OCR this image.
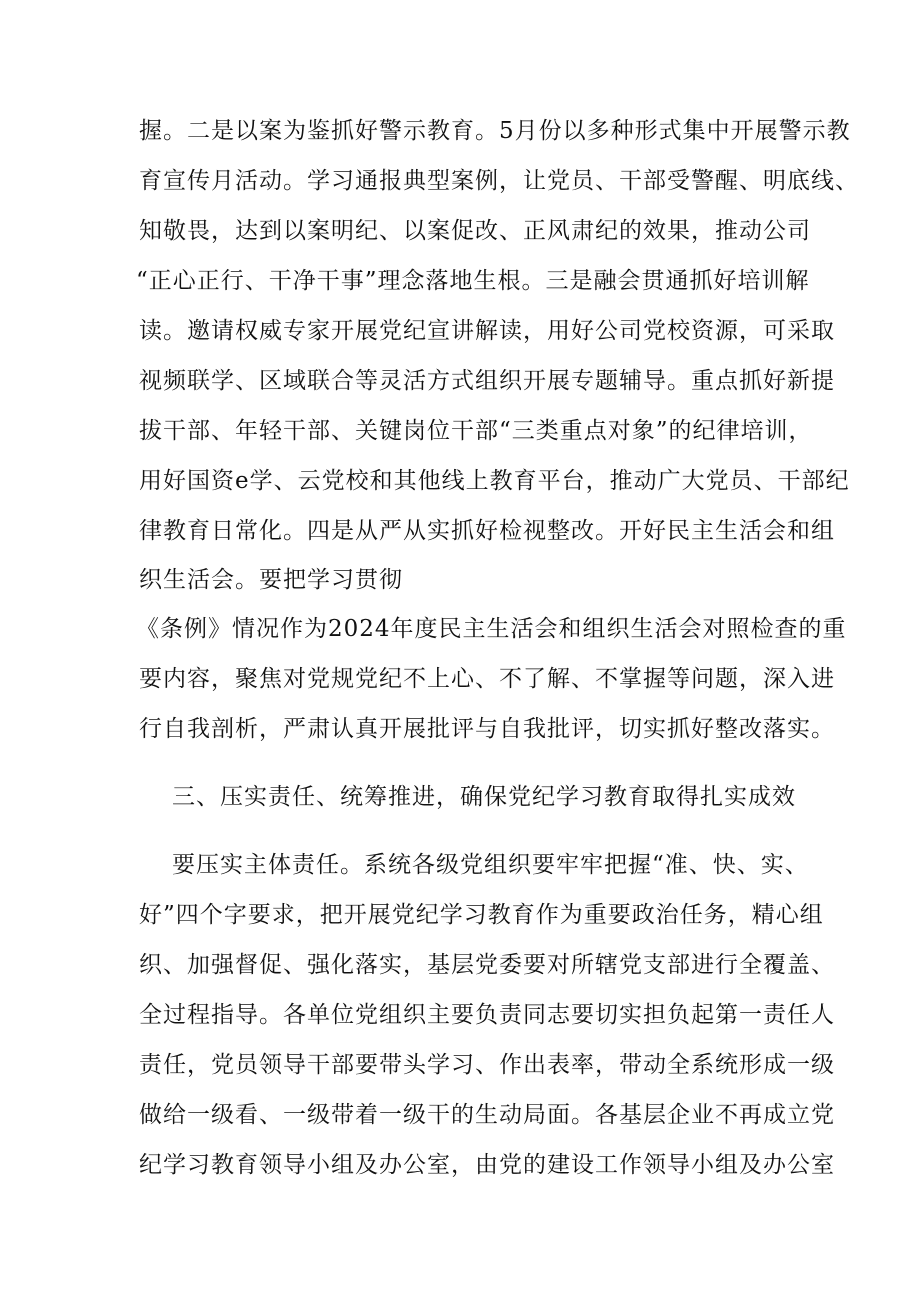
握。二是以案为鉴抓好警示教育。5月份以多种形式集中开展警示教
育宣传月活动。学习通报典型案例，让党员、干部受警醒、明底线、
知敬畏，达到以案明纪、以案促改、正风肃纪的效果，推动公司
“正心正行、干净干事”理念落地生根。三是融会贯通抓好培训解
读。邀请权威专家开展党纪宣讲解读，用好公司党校资源，可采取
视频联学、区域联合等灵活方式组织开展专题辅导。重点抓好新提
拔干部、年轻干部、关键岗位干部“三类重点对象”的纪律培训，
用好国资e学、云党校和其他线上教育平台，推动广大党员、干部纪
律教育日常化。四是从严从实抓好检视整改。开好民主生活会和组
织生活会。要把学习贯彻
《条例》情况作为2024年度民主生活会和组织生活会对照检查的重
要内容，聚焦对党规党纪不上心、不了解、不掌握等问题，深入进
行自我剖析，严肃认真开展批评与自我批评，切实抓好整改落实。
三、压实责任、统筹推进，确保党纪学习教育取得扎实成效
要压实主体责任。系统各级党组织要牢牢把握“准、快、实、
好”四个字要求，把开展党纪学习教育作为重要政治任务，精心组
织、加强督促、强化落实，基层党委要对所辖党支部进行全覆盖、
全过程指导。各单位党组织主要负责同志要切实担负起第一责任人
责任，党员领导干部要带头学习、作出表率，带动全系统形成一级
做给一级看、一级带着一级干的生动局面。各基层企业不再成立党
纪学习教育领导小组及办公室，由党的建设工作领导小组及办公室
